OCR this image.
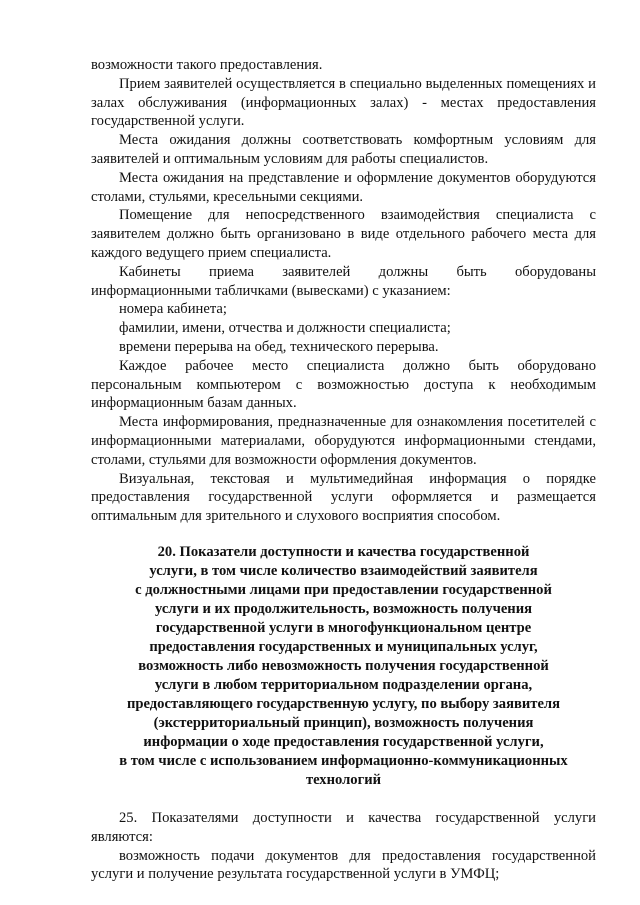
возможности такого предоставления.

Прием заявителей осуществляется в специально выделенных помещениях и залах обслуживания (информационных залах) - местах предоставления государственной услуги.

Места ожидания должны соответствовать комфортным условиям для заявителей и оптимальным условиям для работы специалистов.

Места ожидания на представление и оформление документов оборудуются столами, стульями, кресельными секциями.

Помещение для непосредственного взаимодействия специалиста с заявителем должно быть организовано в виде отдельного рабочего места для каждого ведущего прием специалиста.

Кабинеты приема заявителей должны быть оборудованы информационными табличками (вывесками) с указанием:

номера кабинета;

фамилии, имени, отчества и должности специалиста;

времени перерыва на обед, технического перерыва.

Каждое рабочее место специалиста должно быть оборудовано персональным компьютером с возможностью доступа к необходимым информационным базам данных.

Места информирования, предназначенные для ознакомления посетителей с информационными материалами, оборудуются информационными стендами, столами, стульями для возможности оформления документов.

Визуальная, текстовая и мультимедийная информация о порядке предоставления государственной услуги оформляется и размещается оптимальным для зрительного и слухового восприятия способом.

20. Показатели доступности и качества государственной
услуги, в том числе количество взаимодействий заявителя
с должностными лицами при предоставлении государственной
услуги и их продолжительность, возможность получения
государственной услуги в многофункциональном центре
предоставления государственных и муниципальных услуг,
возможность либо невозможность получения государственной
услуги в любом территориальном подразделении органа,
предоставляющего государственную услугу, по выбору заявителя
(экстерриториальный принцип), возможность получения
информации о ходе предоставления государственной услуги,
в том числе с использованием информационно-коммуникационных
технологий

25. Показателями доступности и качества государственной услуги являются:

возможность подачи документов для предоставления государственной услуги и получение результата государственной услуги в УМФЦ;
